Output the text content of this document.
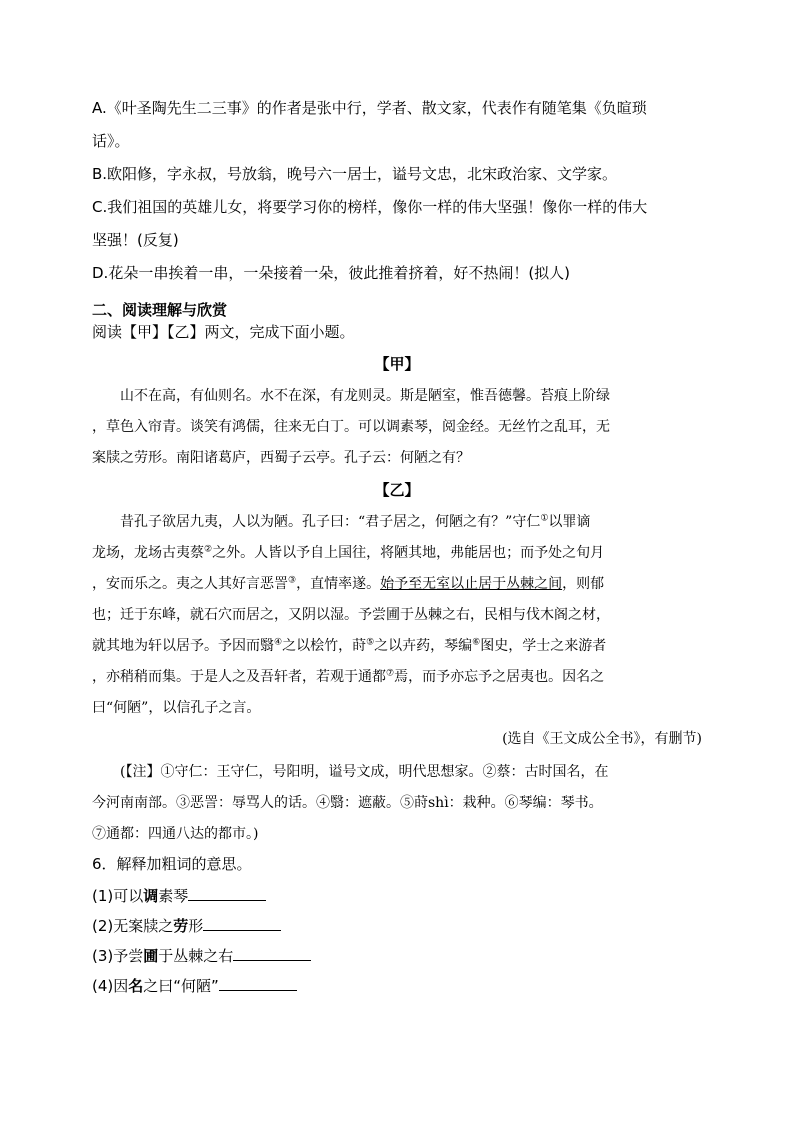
A.《叶圣陶先生二三事》的作者是张中行，学者、散文家，代表作有随笔集《负暄琐
话》。
B.欧阳修，字永叔，号放翁，晚号六一居士，谥号文忠，北宋政治家、文学家。
C.我们祖国的英雄儿女，将要学习你的榜样，像你一样的伟大坚强！像你一样的伟大
坚强！(反复)
D.花朵一串挨着一串，一朵接着一朵，彼此推着挤着，好不热闹！(拟人)
二、阅读理解与欣赏
阅读【甲】【乙】两文，完成下面小题。
【甲】
山不在高，有仙则名。水不在深，有龙则灵。斯是陋室，惟吾德馨。苔痕上阶绿
，草色入帘青。谈笑有鸿儒，往来无白丁。可以调素琴，阅金经。无丝竹之乱耳，无
案牍之劳形。南阳诸葛庐，西蜀子云亭。孔子云：何陋之有？
【乙】
昔孔子欲居九夷，人以为陋。孔子曰：“君子居之，何陋之有？”守仁①以罪谪
龙场，龙场古夷蔡②之外。人皆以予自上国往，将陋其地，弗能居也；而予处之旬月
，安而乐之。夷之人其好言恶詈③，直情率遂。始予至无室以止居于丛棘之间，则郁
也；迁于东峰，就石穴而居之，又阴以湿。予尝圃于丛棘之右，民相与伐木阁之材，
就其地为轩以居予。予因而翳④之以桧竹，莳⑤之以卉药，琴编⑥图史，学士之来游者
，亦稍稍而集。于是人之及吾轩者，若观于通都⑦焉，而予亦忘予之居夷也。因名之
曰“何陋”，以信孔子之言。
(选自《王文成公全书》，有删节)
(【注】①守仁：王守仁，号阳明，谥号文成，明代思想家。②蔡：古时国名，在
今河南南部。③恶詈：辱骂人的话。④翳：遮蔽。⑤莳shì：栽种。⑥琴编：琴书。
⑦通都：四通八达的都市。)
6．解释加粗词的意思。
(1)可以调素琴
(2)无案牍之劳形
(3)予尝圃于丛棘之右
(4)因名之曰“何陋”
